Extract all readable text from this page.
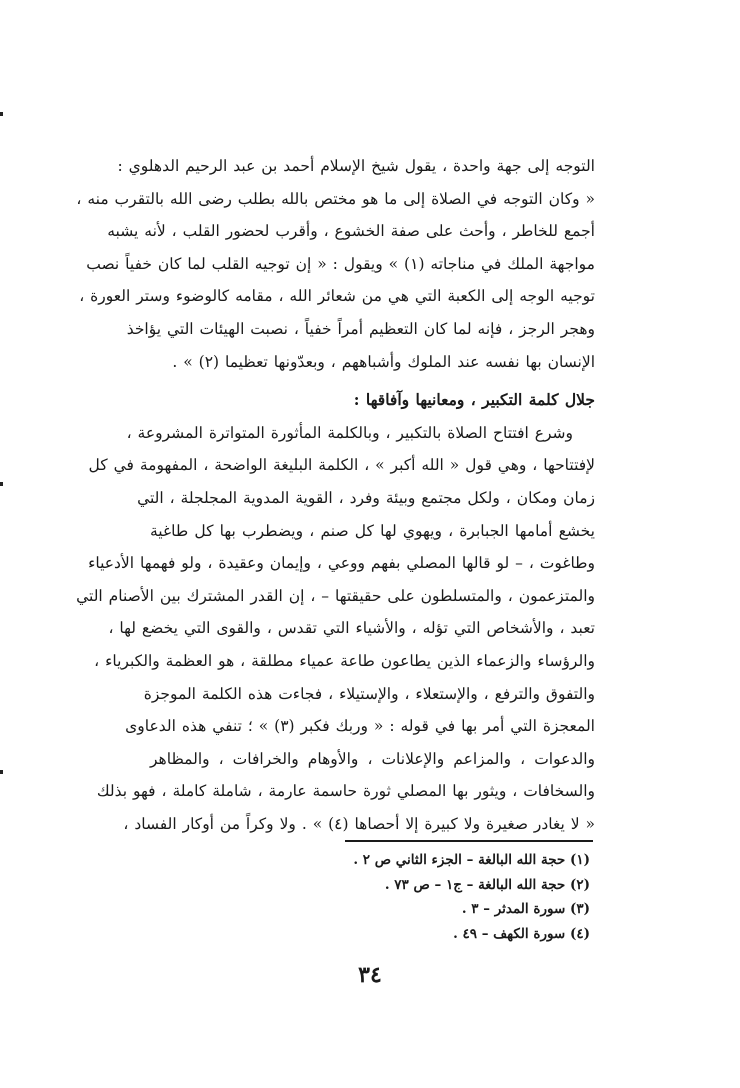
التوجه إلى جهة واحدة ، يقول شيخ الإسلام أحمد بن عبد الرحيم الدهلوي :
« وكان التوجه في الصلاة إلى ما هو مختص بالله بطلب رضى الله بالتقرب منه ،
أجمع للخاطر ، وأحث على صفة الخشوع ، وأقرب لحضور القلب ، لأنه يشبه
مواجهة الملك في مناجاته (١) » ويقول : « إن توجيه القلب لما كان خفياً نصب
توجيه الوجه إلى الكعبة التي هي من شعائر الله ، مقامه كالوضوء وستر العورة ،
وهجر الرجز ، فإنه لما كان التعظيم أمراً خفياً ، نصبت الهيئات التي يؤاخذ
الإنسان بها نفسه عند الملوك وأشباههم ، وبعدّونها تعظيما (٢) » .
جلال كلمة التكبير ، ومعانيها وآفاقها :
وشرع افتتاح الصلاة بالتكبير ، وبالكلمة المأثورة المتواترة المشروعة ،
لإفتتاحها ، وهي قول « الله أكبر » ، الكلمة البليغة الواضحة ، المفهومة في كل
زمان ومكان ، ولكل مجتمع وبيئة وفرد ، القوية المدوية المجلجلة ، التي
يخشع أمامها الجبابرة ، ويهوي لها كل صنم ، ويضطرب بها كل طاغية
وطاغوت ، – لو قالها المصلي بفهم ووعي ، وإيمان وعقيدة ، ولو فهمها الأدعياء
والمتزعمون ، والمتسلطون على حقيقتها – ، إن القدر المشترك بين الأصنام التي
تعبد ، والأشخاص التي تؤله ، والأشياء التي تقدس ، والقوى التي يخضع لها ،
والرؤساء والزعماء الذين يطاعون طاعة عمياء مطلقة ، هو العظمة والكبرياء ،
والتفوق والترفع ، والإستعلاء ، والإستيلاء ، فجاءت هذه الكلمة الموجزة
المعجزة التي أمر بها في قوله : « وربك فكبر (٣) » ؛ تنفي هذه الدعاوى
والدعوات ، والمزاعم والإعلانات ، والأوهام والخرافات ، والمظاهر
والسخافات ، ويثور بها المصلي ثورة حاسمة عارمة ، شاملة كاملة ، فهو بذلك
« لا يغادر صغيرة ولا كبيرة إلا أحصاها (٤) » . ولا وكراً من أوكار الفساد ،
(١) حجة الله البالغة – الجزء الثاني ص ٢ .
(٢) حجة الله البالغة – ج١ – ص ٧٣ .
(٣) سورة المدثر – ٣ .
(٤) سورة الكهف – ٤٩ .
٣٤
